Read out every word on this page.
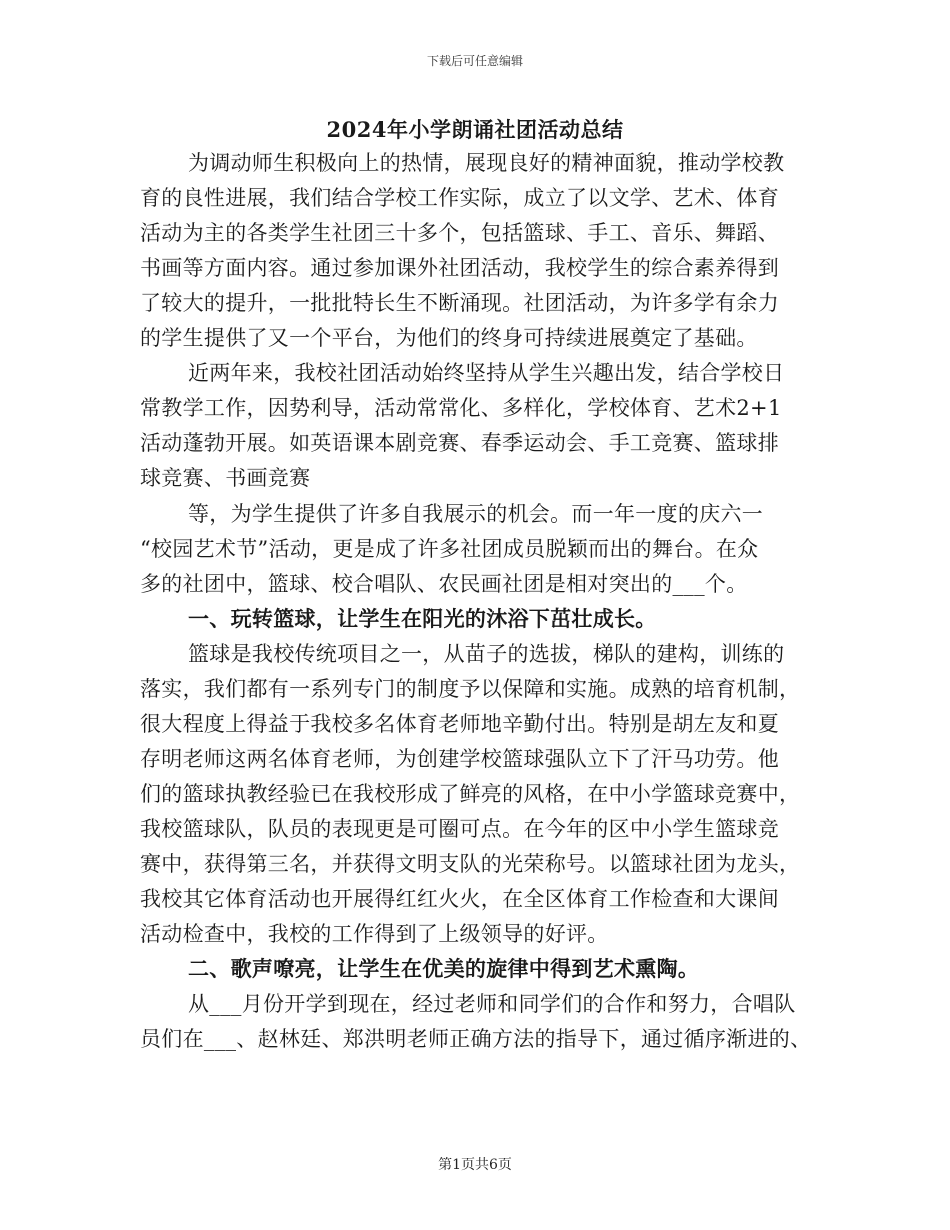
下载后可任意编辑
2024年小学朗诵社团活动总结
为调动师生积极向上的热情，展现良好的精神面貌，推动学校教
育的良性进展，我们结合学校工作实际，成立了以文学、艺术、体育
活动为主的各类学生社团三十多个，包括篮球、手工、音乐、舞蹈、
书画等方面内容。通过参加课外社团活动，我校学生的综合素养得到
了较大的提升，一批批特长生不断涌现。社团活动，为许多学有余力
的学生提供了又一个平台，为他们的终身可持续进展奠定了基础。
近两年来，我校社团活动始终坚持从学生兴趣出发，结合学校日
常教学工作，因势利导，活动常常化、多样化，学校体育、艺术2+1
活动蓬勃开展。如英语课本剧竞赛、春季运动会、手工竞赛、篮球排
球竞赛、书画竞赛
等，为学生提供了许多自我展示的机会。而一年一度的庆六一
“校园艺术节”活动，更是成了许多社团成员脱颖而出的舞台。在众
多的社团中，篮球、校合唱队、农民画社团是相对突出的___个。
一、玩转篮球，让学生在阳光的沐浴下茁壮成长。
篮球是我校传统项目之一，从苗子的选拔，梯队的建构，训练的
落实，我们都有一系列专门的制度予以保障和实施。成熟的培育机制，
很大程度上得益于我校多名体育老师地辛勤付出。特别是胡左友和夏
存明老师这两名体育老师，为创建学校篮球强队立下了汗马功劳。他
们的篮球执教经验已在我校形成了鲜亮的风格，在中小学篮球竞赛中，
我校篮球队，队员的表现更是可圈可点。在今年的区中小学生篮球竞
赛中，获得第三名，并获得文明支队的光荣称号。以篮球社团为龙头，
我校其它体育活动也开展得红红火火，在全区体育工作检查和大课间
活动检查中，我校的工作得到了上级领导的好评。
二、歌声嘹亮，让学生在优美的旋律中得到艺术熏陶。
从___月份开学到现在，经过老师和同学们的合作和努力，合唱队
员们在___、赵林廷、郑洪明老师正确方法的指导下，通过循序渐进的、
第1页共6页
